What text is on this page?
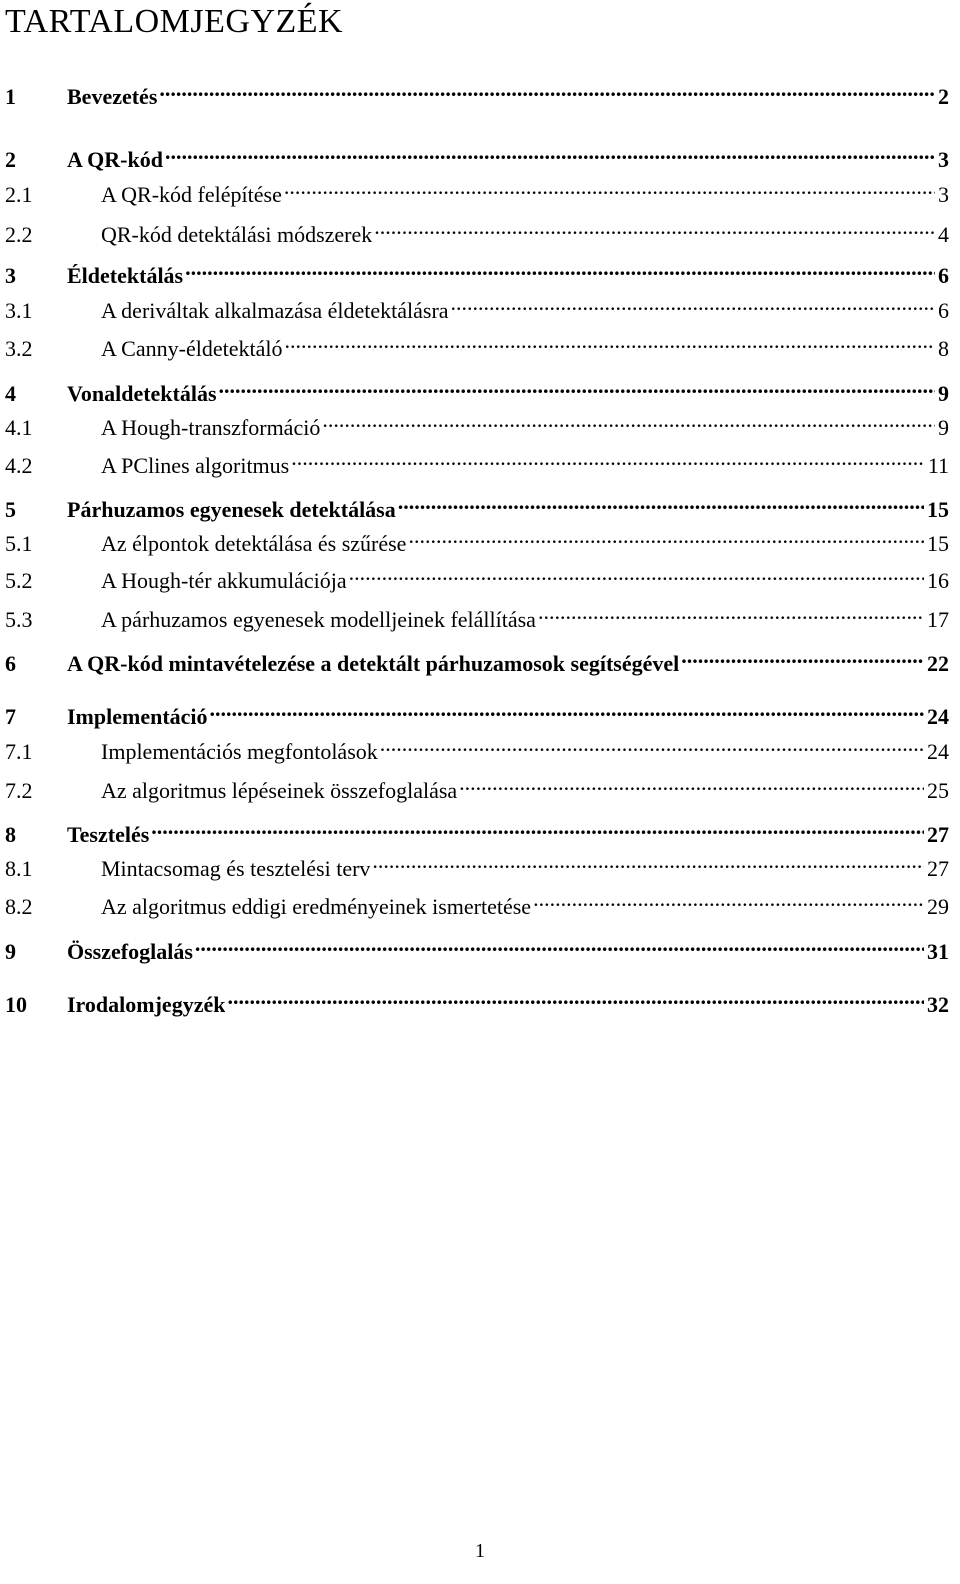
TARTALOMJEGYZÉK
1	Bevezetés .....	2
2	A QR-kód .....	3
2.1	A QR-kód felépítése .....	3
2.2	QR-kód detektálási módszerek .....	4
3	Éldetektálás .....	6
3.1	A deriváltak alkalmazása éldetektálásra .....	6
3.2	A Canny-éldetektáló .....	8
4	Vonaldetektálás .....	9
4.1	A Hough-transzformáció .....	9
4.2	A PClines algoritmus .....	11
5	Párhuzamos egyenesek detektálása .....	15
5.1	Az élpontok detektálása és szűrése .....	15
5.2	A Hough-tér akkumulációja .....	16
5.3	A párhuzamos egyenesek modelljeinek felállítása .....	17
6	A QR-kód mintavételezése a detektált párhuzamosok segítségével .....	22
7	Implementáció .....	24
7.1	Implementációs megfontolások .....	24
7.2	Az algoritmus lépéseinek összefoglalása .....	25
8	Tesztelés .....	27
8.1	Mintacsomag és tesztelési terv .....	27
8.2	Az algoritmus eddigi eredményeinek ismertetése .....	29
9	Összefoglalás .....	31
10	Irodalomjegyzék .....	32
1
